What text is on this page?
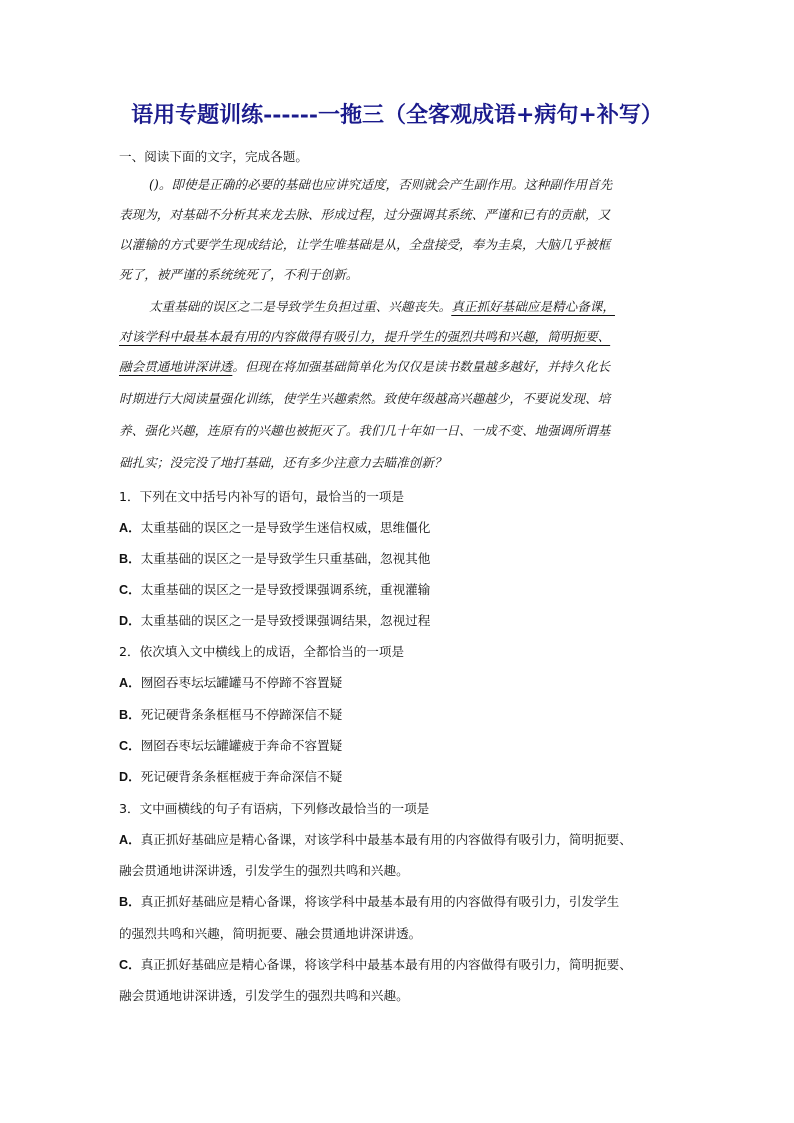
语用专题训练------一拖三（全客观成语+病句+补写）
一、阅读下面的文字，完成各题。
()。即使是正确的必要的基础也应讲究适度，否则就会产生副作用。这种副作用首先
表现为，对基础不分析其来龙去脉、形成过程，过分强调其系统、严谨和已有的贡献，又
以灌输的方式要学生现成结论，让学生唯基础是从，全盘接受，奉为圭臬，大脑几乎被框
死了，被严谨的系统统死了，不利于创新。
太重基础的误区之二是导致学生负担过重、兴趣丧失。真正抓好基础应是精心备课，
对该学科中最基本最有用的内容做得有吸引力，提升学生的强烈共鸣和兴趣，简明扼要、
融会贯通地讲深讲透。但现在将加强基础简单化为仅仅是读书数量越多越好，并持久化长
时期进行大阅读量强化训练，使学生兴趣索然。致使年级越高兴趣越少，不要说发现、培
养、强化兴趣，连原有的兴趣也被扼灭了。我们几十年如一日、一成不变、地强调所谓基
础扎实；没完没了地打基础，还有多少注意力去瞄准创新？
1．下列在文中括号内补写的语句，最恰当的一项是
A．太重基础的误区之一是导致学生迷信权威，思维僵化
B．太重基础的误区之一是导致学生只重基础，忽视其他
C．太重基础的误区之一是导致授课强调系统，重视灌输
D．太重基础的误区之一是导致授课强调结果，忽视过程
2．依次填入文中横线上的成语，全都恰当的一项是
A．囫囵吞枣坛坛罐罐马不停蹄不容置疑
B．死记硬背条条框框马不停蹄深信不疑
C．囫囵吞枣坛坛罐罐疲于奔命不容置疑
D．死记硬背条条框框疲于奔命深信不疑
3．文中画横线的句子有语病，下列修改最恰当的一项是
A．真正抓好基础应是精心备课，对该学科中最基本最有用的内容做得有吸引力，简明扼要、
融会贯通地讲深讲透，引发学生的强烈共鸣和兴趣。
B．真正抓好基础应是精心备课，将该学科中最基本最有用的内容做得有吸引力，引发学生
的强烈共鸣和兴趣，简明扼要、融会贯通地讲深讲透。
C．真正抓好基础应是精心备课，将该学科中最基本最有用的内容做得有吸引力，简明扼要、
融会贯通地讲深讲透，引发学生的强烈共鸣和兴趣。
